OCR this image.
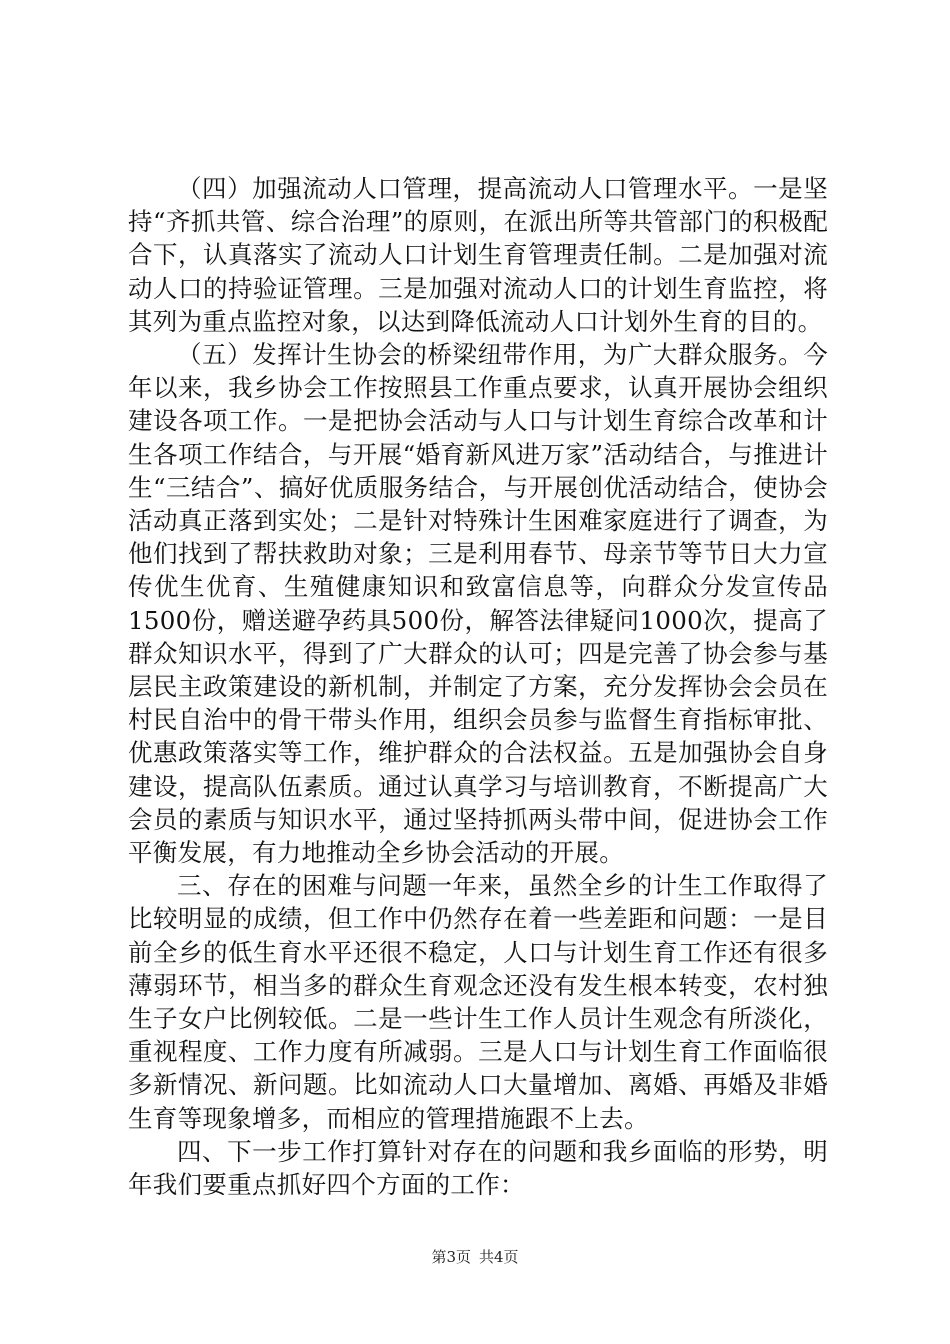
（四）加强流动人口管理，提高流动人口管理水平。一是坚持“齐抓共管、综合治理”的原则，在派出所等共管部门的积极配合下，认真落实了流动人口计划生育管理责任制。二是加强对流动人口的持验证管理。三是加强对流动人口的计划生育监控，将其列为重点监控对象，以达到降低流动人口计划外生育的目的。

（五）发挥计生协会的桥梁纽带作用，为广大群众服务。今年以来，我乡协会工作按照县工作重点要求，认真开展协会组织建设各项工作。一是把协会活动与人口与计划生育综合改革和计生各项工作结合，与开展“婚育新风进万家”活动结合，与推进计生“三结合”、搞好优质服务结合，与开展创优活动结合，使协会活动真正落到实处；二是针对特殊计生困难家庭进行了调查，为他们找到了帮扶救助对象；三是利用春节、母亲节等节日大力宣传优生优育、生殖健康知识和致富信息等，向群众分发宣传品1500份，赠送避孕药具500份，解答法律疑问1000次，提高了群众知识水平，得到了广大群众的认可；四是完善了协会参与基层民主政策建设的新机制，并制定了方案，充分发挥协会会员在村民自治中的骨干带头作用，组织会员参与监督生育指标审批、优惠政策落实等工作，维护群众的合法权益。五是加强协会自身建设，提高队伍素质。通过认真学习与培训教育，不断提高广大会员的素质与知识水平，通过坚持抓两头带中间，促进协会工作平衡发展，有力地推动全乡协会活动的开展。

三、存在的困难与问题一年来，虽然全乡的计生工作取得了比较明显的成绩，但工作中仍然存在着一些差距和问题：一是目前全乡的低生育水平还很不稳定，人口与计划生育工作还有很多薄弱环节，相当多的群众生育观念还没有发生根本转变，农村独生子女户比例较低。二是一些计生工作人员计生观念有所淡化，重视程度、工作力度有所减弱。三是人口与计划生育工作面临很多新情况、新问题。比如流动人口大量增加、离婚、再婚及非婚生育等现象增多，而相应的管理措施跟不上去。

四、下一步工作打算针对存在的问题和我乡面临的形势，明年我们要重点抓好四个方面的工作：

第3页 共4页
